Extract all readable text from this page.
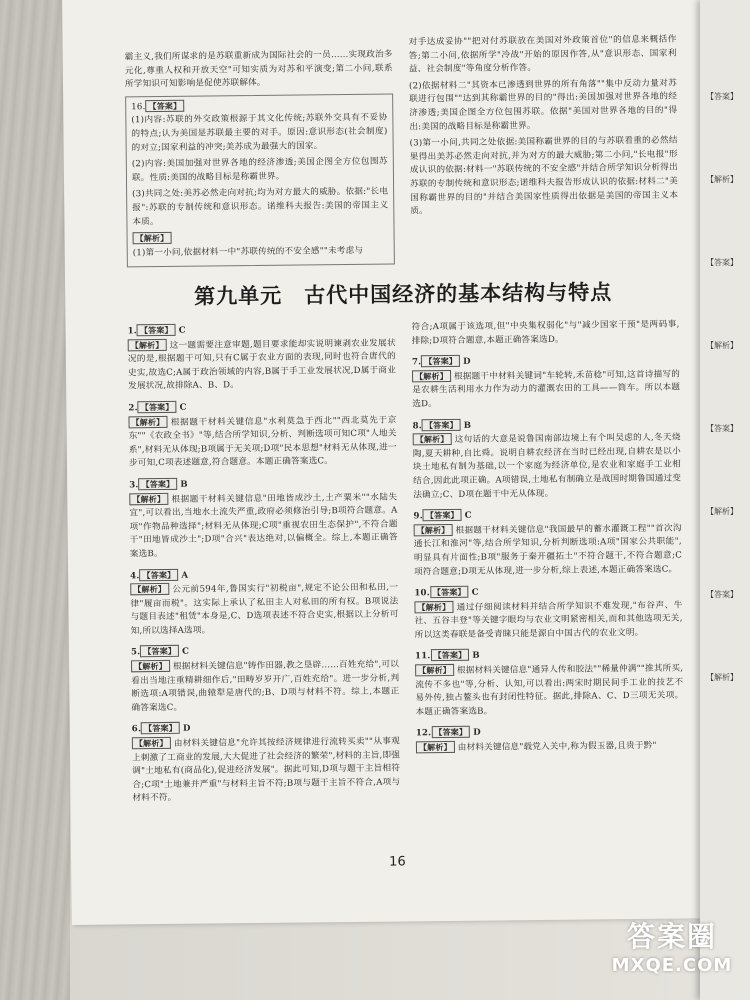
霸主义,我们所谋求的是苏联重新成为国际社会的一员……实现政治多元化,尊重人权和开放天空"可知实质为对苏和平演变;第二小问,联系所学知识可知影响是促使苏联解体。

16. 【答案】

(1)内容:苏联的外交政策根源于其文化传统;苏联外交具有不妥协的特点;认为美国是苏联最主要的对手。原因:意识形态(社会制度)的对立;国家利益的冲突;美苏成为最强大的国家。

(2)内容:美国加强对世界各地的经济渗透;美国企图全方位包围苏联。性质:美国的战略目标是称霸世界。

(3)共同之处:美苏必然走向对抗;均为对方最大的威胁。依据:"长电报":苏联的专制传统和意识形态。诺维科夫报告:美国的帝国主义本质。

【解析】

(1)第一小问,依据材料一中"苏联传统的不安全感""未考虑与

对手达成妥协""把对付苏联放在美国对外政策首位"的信息来概括作答;第二小问,依据所学"冷战"开始的原因作答,从"意识形态、国家利益、社会制度"等角度分析作答。

(2)依据材料二"其资本已渗透到世界的所有角落""集中反动力量对苏联进行包围""达到其称霸世界的目的"得出:美国加强对世界各地的经济渗透;美国企图全方位包围苏联。依据"美国对世界各地的目的"得出:美国的战略目标是称霸世界。

(3)第一小问,共同之处依据:美国称霸世界的目的与苏联看重的必然结果得出美苏必然走向对抗,并为对方的最大威胁;第二小问,"长电报"形成认识的依据:材料一"苏联传统的不安全感"并结合所学知识分析得出苏联的专制传统和意识形态;诺维科夫报告形成认识的依据:材料二"美国称霸世界的目的"并结合美国家性质得出依据是美国的帝国主义本质。

第九单元　古代中国经济的基本结构与特点
1. 【答案】 C

【解析】 这一题需要注意审题,题目要求能却实说明谏剥农业发展状况的是,根据题干可知,只有C属于农业方面的表现,同时也符合唐代的史实,故选C;A属于政治领域的内容,B属于手工业发展状况,D属于商业发展状况,故排除A、B、D。

2. 【答案】 C

【解析】 根据题干材料关键信息"水利莫急于西北""西北莫先于京东""《农政全书》"等,结合所学知识,分析、判断选项可知C项"人地关系",材料无从体现;B项属于无关项;D项"民本思想"材料无从体现,进一步可知,C项表述题意,符合题意。本题正确答案选C。

3. 【答案】 B

【解析】 根据题干材料关键信息"田地皆成沙土,土产粟米""水陆失宜",可以看出,当地水土流失严重,政府必须修治引导;B项符合题意。A项"作物品种选择";材料无从体现;C项"重视农田生态保护",不符合题干"田地皆成沙土";D项"合兴"表达绝对,以偏概全。综上,本题正确答案选B。

4. 【答案】 A

【解析】 公元前594年,鲁国实行"初税亩",规定不论公田和私田,一律"履亩而税"。这实际上承认了私田主人对私田的所有权。B项说法与题目表述"租赁"本身是,C、D选项表述不符合史实,根据以上分析可知,所以选择A选项。

5. 【答案】 C

【解析】 根据材料关键信息"铸作田器,教之垦辟……百姓充给",可以看出当地注重精耕细作后,"田畴岁岁开广,百姓充给"。进一步分析,判断选项:A项错误,曲辕犁是唐代的;B、D项与材料不符。综上,本题正确答案选C。

6. 【答案】 D

【解析】 由材料关键信息"允许其按经济规律进行流转买卖""从事观上刺激了工商业的发展,大大促进了社会经济的繁荣",材料的主旨,即强调"土地私有(商品化),促进经济发展"。据此可知,D项与题干主旨相符合;C项"土地兼并严重"与材料主旨不符;B项与题干主旨不符合,A项与材料不符。

符合;A项属于该选项,但"中央集权弱化"与"减少国家干预"是两码事,排除;D项符合题意,本题正确答案选D。

7. 【答案】 D

【解析】 根据题干中材料关键词"车轮转,禾苗稔"可知,这首诗描写的是农耕生活利用水力作为动力的灌溉农田的工具——筒车。所以本题选D。

8. 【答案】 B

【解析】 这句话的大意是说鲁国南部边境上有个叫吴虑的人,冬天烧陶,夏天耕种,自比舜。说明自耕农经济在当时已经出现,自耕农是以小块土地私有制为基础,以一个家庭为经济单位,是农业和家庭手工业相结合,因此此项正确。A项错误,土地私有制确立是战国时期鲁国通过变法确立;C、D项在题干中无从体现。

9. 【答案】 C

【解析】 根据题干材料关键信息"我国最早的蓄水灌溉工程""首次沟通长江和淮河"等,结合所学知识,分析判断选项:A项"国家公共职能",明显具有片面性;B项"服务于秦开疆拓土"不符合题干,不符合题意;C项符合题意;D项无从体现,进一步分析,综上表述,本题正确答案选C。

10. 【答案】 C

【解析】 通过仔细阅读材料并结合所学知识不难发现,"布谷声、牛社、五谷丰登"等关键字眼均与农业文明紧密相关,而和其他选项无关,所以这类春联是备受青睐只能是源自中国古代的农业文明。

11. 【答案】 B

【解析】 根据材料关键信息"通异人传和胶法""稀量仲满""推其所买,流传不多也"等,分析、认知,可以看出:两宋时期民间手工业的技艺不易外传,独占鳌头也有封闭性特征。据此,排除A、C、D三项无关项。本题正确答案选B。

12. 【答案】 D

【解析】 由材料关键信息"载党入关中,称为假玉器,且贵于黔"

16
【答案】
【解析】
【答案】
【解析】
【答案】
【解析】
【答案】
【解析】
答案圈
MXQE.COM
